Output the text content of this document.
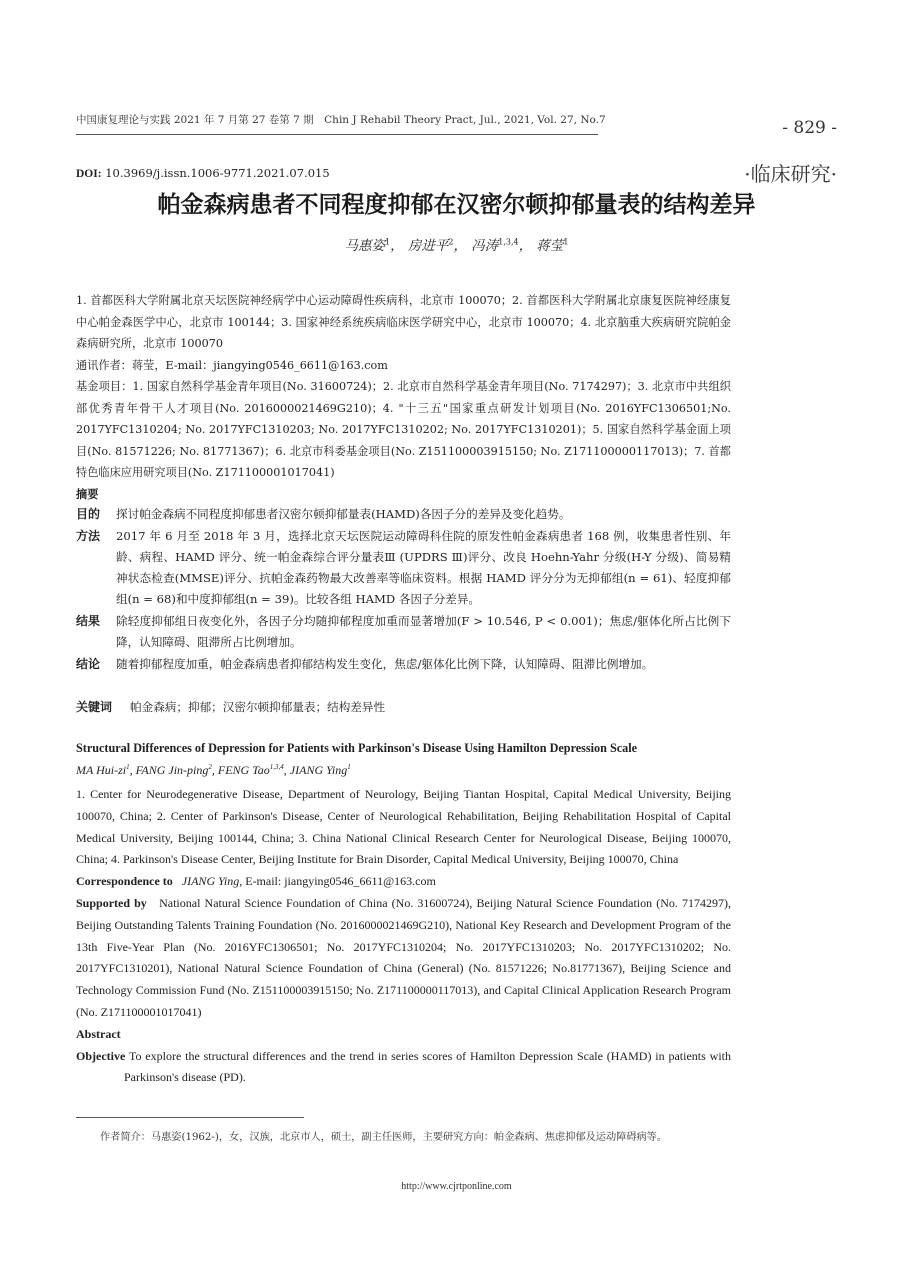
中国康复理论与实践 2021 年 7 月第 27 卷第 7 期　Chin J Rehabil Theory Pract, Jul., 2021, Vol. 27, No.7	- 829 -
DOI: 10.3969/j.issn.1006-9771.2021.07.015	·临床研究·
帕金森病患者不同程度抑郁在汉密尔顿抑郁量表的结构差异
马惠姿$^1$， 房进平$^2$， 冯涛$^{1,3,4}$， 蒋莹$^1$
1. 首都医科大学附属北京天坛医院神经病学中心运动障碍性疾病科，北京市 100070；2. 首都医科大学附属北京康复医院神经康复中心帕金森医学中心，北京市 100144；3. 国家神经系统疾病临床医学研究中心，北京市 100070；4. 北京脑重大疾病研究院帕金森病研究所，北京市 100070
通讯作者：蒋莹，E-mail：jiangying0546_6611@163.com
基金项目：1. 国家自然科学基金青年项目(No. 31600724)；2. 北京市自然科学基金青年项目(No. 7174297)；3. 北京市中共组织部优秀青年骨干人才项目(No. 2016000021469G210)；4. "十三五"国家重点研发计划项目(No. 2016YFC1306501;No. 2017YFC1310204; No. 2017YFC1310203; No. 2017YFC1310202; No. 2017YFC1310201)；5. 国家自然科学基金面上项目(No. 81571226; No. 81771367)；6. 北京市科委基金项目(No. Z151100003915150; No. Z171100000117013)；7. 首都特色临床应用研究项目(No. Z171100001017041)
摘要
目的 探讨帕金森病不同程度抑郁患者汉密尔顿抑郁量表(HAMD)各因子分的差异及变化趋势。
方法 2017 年 6 月至 2018 年 3 月，选择北京天坛医院运动障碍科住院的原发性帕金森病患者 168 例，收集患者性别、年龄、病程、HAMD 评分、统一帕金森综合评分量表Ⅲ (UPDRS Ⅲ)评分、改良 Hoehn-Yahr 分级(H-Y 分级)、简易精神状态检查(MMSE)评分、抗帕金森药物最大改善率等临床资料。根据 HAMD 评分分为无抑郁组(n = 61)、轻度抑郁组(n = 68)和中度抑郁组(n = 39)。比较各组 HAMD 各因子分差异。
结果 除轻度抑郁组日夜变化外，各因子分均随抑郁程度加重而显著增加(F > 10.546, P < 0.001)；焦虑/躯体化所占比例下降，认知障碍、阻滞所占比例增加。
结论 随着抑郁程度加重，帕金森病患者抑郁结构发生变化，焦虑/躯体化比例下降，认知障碍、阻滞比例增加。
关键词 帕金森病；抑郁；汉密尔顿抑郁量表；结构差异性
Structural Differences of Depression for Patients with Parkinson's Disease Using Hamilton Depression Scale
MA Hui-$zi^1$, FANG Jin-ping$^2$, FENG Tao$^{1,3,4}$, JIANG Ying$^1$
1. Center for Neurodegenerative Disease, Department of Neurology, Beijing Tiantan Hospital, Capital Medical University, Beijing 100070, China; 2. Center of Parkinson's Disease, Center of Neurological Rehabilitation, Beijing Rehabilitation Hospital of Capital Medical University, Beijing 100144, China; 3. China National Clinical Research Center for Neurological Disease, Beijing 100070, China; 4. Parkinson's Disease Center, Beijing Institute for Brain Disorder, Capital Medical University, Beijing 100070, China
Correspondence to JIANG Ying, E-mail: jiangying0546_6611@163.com
Supported by National Natural Science Foundation of China (No. 31600724), Beijing Natural Science Foundation (No. 7174297), Beijing Outstanding Talents Training Foundation (No. 2016000021469G210), National Key Research and Development Program of the 13th Five-Year Plan (No. 2016YFC1306501; No. 2017YFC1310204; No. 2017YFC1310203; No. 2017YFC1310202; No. 2017YFC1310201), National Natural Science Foundation of China (General) (No. 81571226; No.81771367), Beijing Science and Technology Commission Fund (No. Z151100003915150; No. Z171100000117013), and Capital Clinical Application Research Program (No. Z171100001017041)
Abstract
Objective To explore the structural differences and the trend in series scores of Hamilton Depression Scale (HAMD) in patients with Parkinson's disease (PD).
作者简介：马惠姿(1962-)，女，汉族，北京市人，硕士，副主任医师，主要研究方向：帕金森病、焦虑抑郁及运动障碍病等。
http://www.cjrtponline.com
